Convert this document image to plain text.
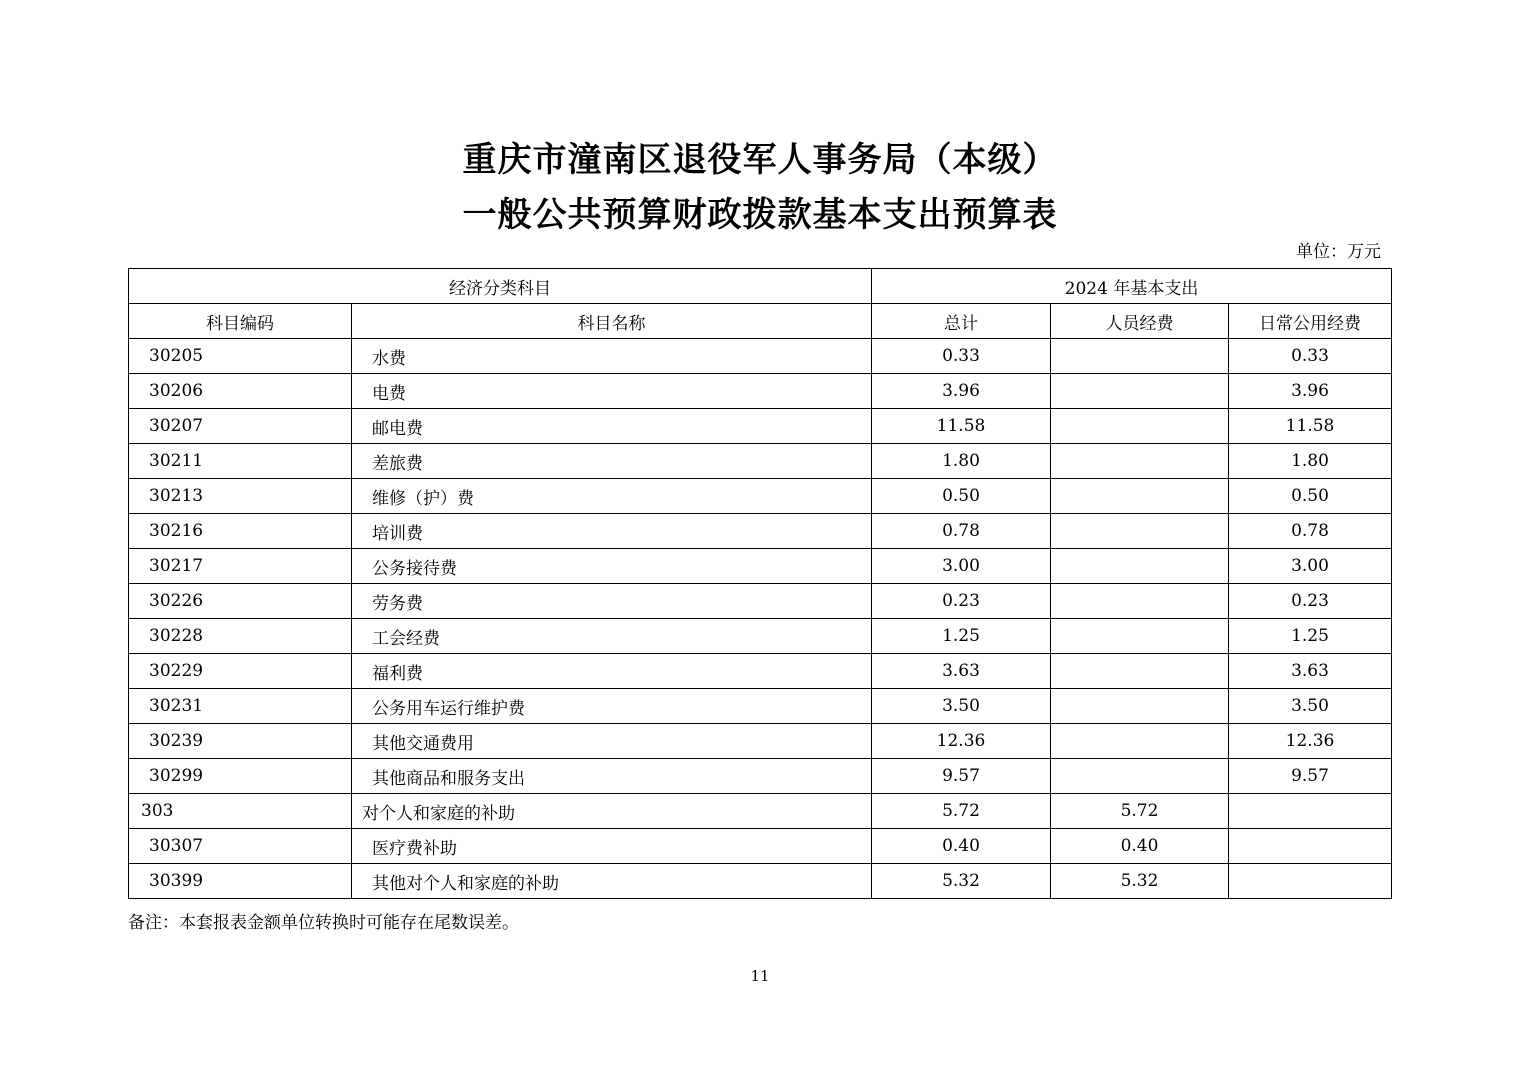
重庆市潼南区退役军人事务局（本级）
一般公共预算财政拨款基本支出预算表
单位：万元
经济分类科目		2024 年基本支出		
科目编码	科目名称	总计	人员经费	日常公用经费
30205	水费	0.33		0.33
30206	电费	3.96		3.96
30207	邮电费	11.58		11.58
30211	差旅费	1.80		1.80
30213	维修（护）费	0.50		0.50
30216	培训费	0.78		0.78
30217	公务接待费	3.00		3.00
30226	劳务费	0.23		0.23
30228	工会经费	1.25		1.25
30229	福利费	3.63		3.63
30231	公务用车运行维护费	3.50		3.50
30239	其他交通费用	12.36		12.36
30299	其他商品和服务支出	9.57		9.57
303	对个人和家庭的补助	5.72	5.72	
30307	医疗费补助	0.40	0.40	
30399	其他对个人和家庭的补助	5.32	5.32	
备注：本套报表金额单位转换时可能存在尾数误差。
11
